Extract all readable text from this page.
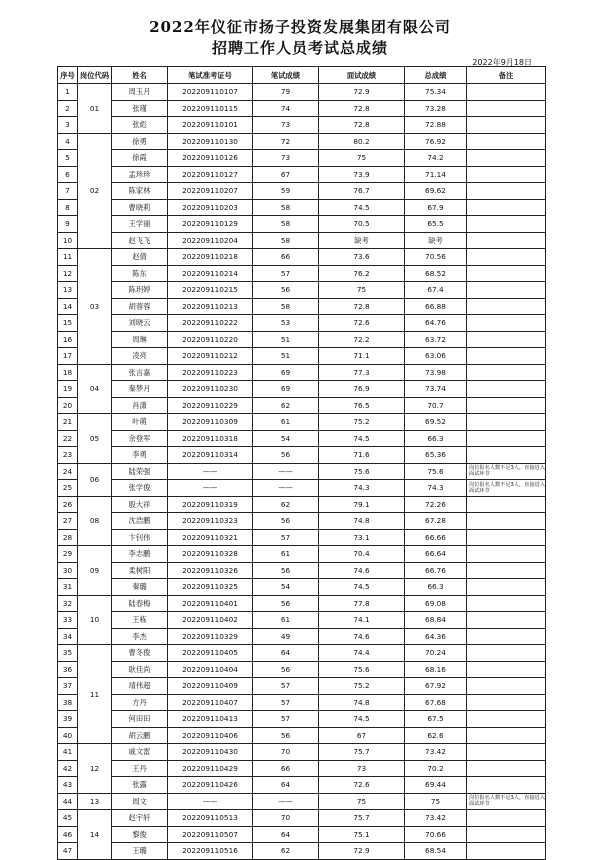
2022年仪征市扬子投资发展集团有限公司
招聘工作人员考试总成绩
2022年9月18日
序号	岗位代码	姓名	笔试准考证号	笔试成绩	面试成绩	总成绩	备注
1	01	周玉月	202209110107	79	72.9	75.34	
2		张瑾	202209110115	74	72.8	73.28	
3		张彪	202209110101	73	72.8	72.88	
4	02	徐勇	202209110130	72	80.2	76.92	
5		徐霞	202209110126	73	75	74.2	
6		孟珍珍	202209110127	67	73.9	71.14	
7		陈家林	202209110207	59	76.7	69.62	
8		曹晓莉	202209110203	58	74.5	67.9	
9		王学丽	202209110129	58	70.5	65.5	
10		赵飞飞	202209110204	58	缺考	缺考	
11	03	赵倩	202209110218	66	73.6	70.56	
12		陈东	202209110214	57	76.2	68.52	
13		陈玥婷	202209110215	56	75	67.4	
14		胡蓉蓉	202209110213	58	72.8	66.88	
15		刘晓云	202209110222	53	72.6	64.76	
16		周琳	202209110220	51	72.2	63.72	
17		凌亮	202209110212	51	71.1	63.06	
18	04	张言嘉	202209110223	69	77.3	73.98	
19		秦梦月	202209110230	69	76.9	73.74	
20		肖潇	202209110229	62	76.5	70.7	
21	05	叶萌	202209110309	61	75.2	69.52	
22		余登军	202209110318	54	74.5	66.3	
23		李勇	202209110314	56	71.6	65.36	
24	06	陆荣强	——	——	75.6	75.6	岗位报名人数不足3人，直接进入面试环节
25		张学俊	——	——	74.3	74.3	岗位报名人数不足3人，直接进入面试环节
26	08	殷大祥	202209110319	62	79.1	72.26	
27		沈浩鹏	202209110323	56	74.8	67.28	
28		卞钊伟	202209110321	57	73.1	66.66	
29	09	李志鹏	202209110328	61	70.4	66.64	
30		柔树阳	202209110326	56	74.6	66.76	
31		秦璐	202209110325	54	74.5	66.3	
32	10	陆春梅	202209110401	56	77.8	69.08	
33		王栋	202209110402	61	74.1	68.84	
34		李杰	202209110329	49	74.6	64.36	
35	11	曹冬俊	202209110405	64	74.4	70.24	
36		耿佳尚	202209110404	56	75.6	68.16	
37		靖伟超	202209110409	57	75.2	67.92	
38		方丹	202209110407	57	74.8	67.68	
39		何田田	202209110413	57	74.5	67.5	
40		胡云鹏	202209110406	56	67	62.6	
41	12	戚文雷	202209110430	70	75.7	73.42	
42		王丹	202209110429	66	73	70.2	
43		张露	202209110426	64	72.6	69.44	
44	13	周文	——	——	75	75	岗位报名人数不足3人，直接进入面试环节
45	14	赵宇轩	202209110513	70	75.7	73.42	
46		黎俊	202209110507	64	75.1	70.66	
47		王璐	202209110516	62	72.9	68.54	
